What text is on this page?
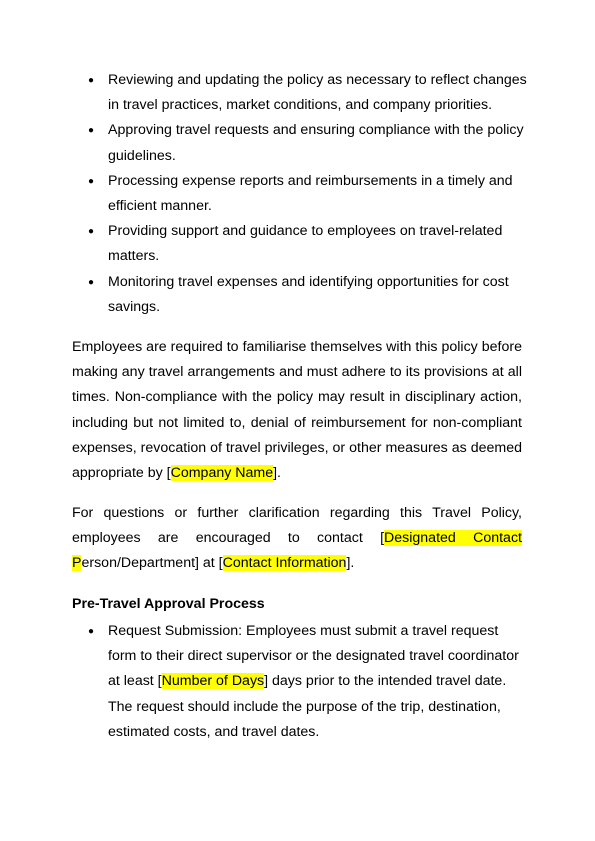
● Reviewing and updating the policy as necessary to reflect changes in travel practices, market conditions, and company priorities.
● Approving travel requests and ensuring compliance with the policy guidelines.
● Processing expense reports and reimbursements in a timely and efficient manner.
● Providing support and guidance to employees on travel-related matters.
● Monitoring travel expenses and identifying opportunities for cost savings.

Employees are required to familiarise themselves with this policy before making any travel arrangements and must adhere to its provisions at all times. Non-compliance with the policy may result in disciplinary action, including but not limited to, denial of reimbursement for non-compliant expenses, revocation of travel privileges, or other measures as deemed appropriate by [Company Name].

For questions or further clarification regarding this Travel Policy, employees are encouraged to contact [Designated Contact Person/Department] at [Contact Information].

Pre-Travel Approval Process
● Request Submission: Employees must submit a travel request form to their direct supervisor or the designated travel coordinator at least [Number of Days] days prior to the intended travel date. The request should include the purpose of the trip, destination, estimated costs, and travel dates.
